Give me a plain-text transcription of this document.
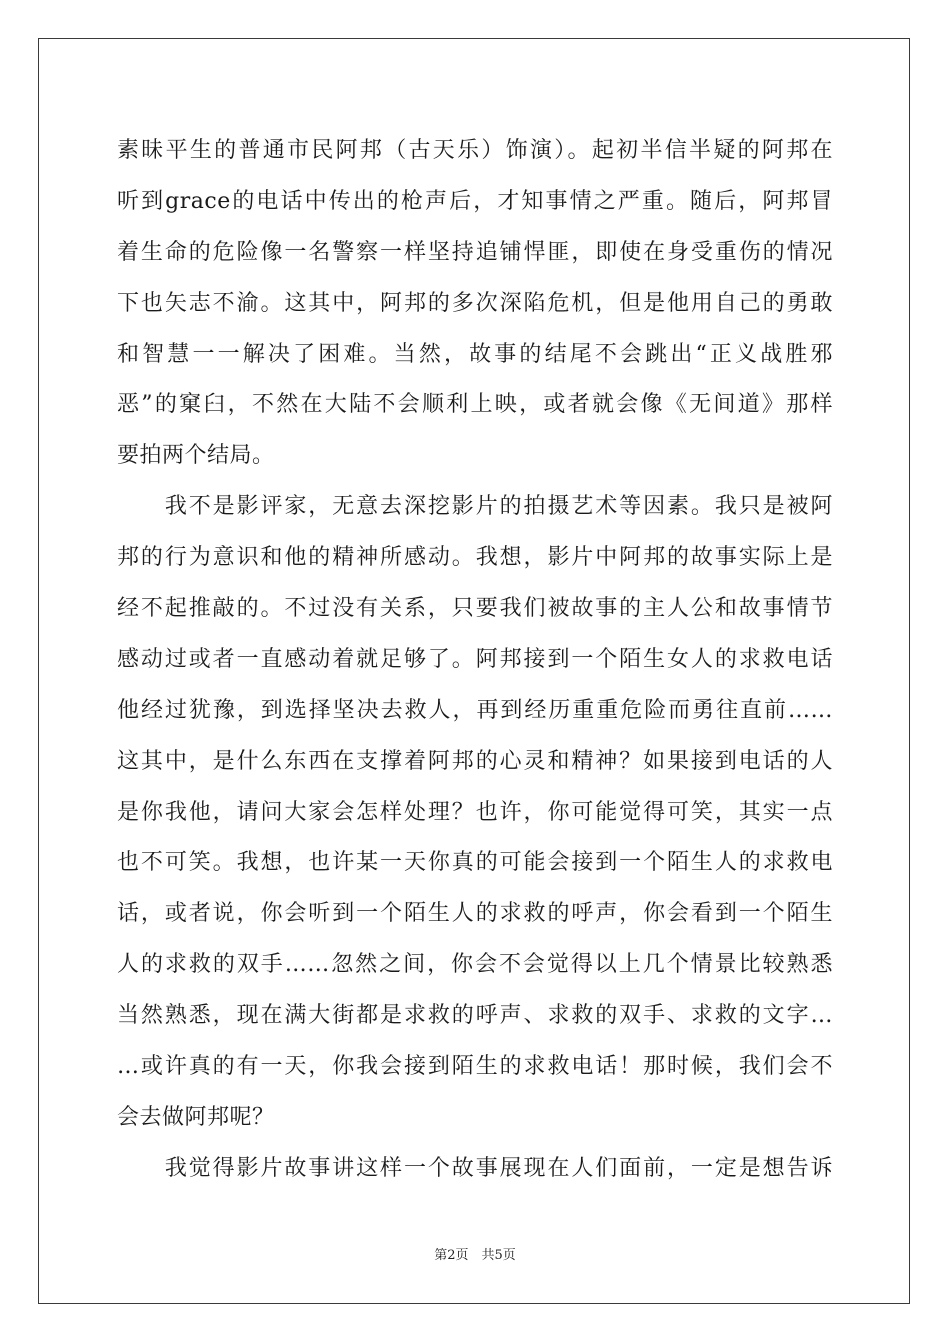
素昧平生的普通市民阿邦（古天乐）饰演）。起初半信半疑的阿邦在
听到grace的电话中传出的枪声后，才知事情之严重。随后，阿邦冒
着生命的危险像一名警察一样坚持追铺悍匪，即使在身受重伤的情况
下也矢志不渝。这其中，阿邦的多次深陷危机，但是他用自己的勇敢
和智慧一一解决了困难。当然，故事的结尾不会跳出“正义战胜邪
恶”的窠臼，不然在大陆不会顺利上映，或者就会像《无间道》那样
要拍两个结局。
　　我不是影评家，无意去深挖影片的拍摄艺术等因素。我只是被阿
邦的行为意识和他的精神所感动。我想，影片中阿邦的故事实际上是
经不起推敲的。不过没有关系，只要我们被故事的主人公和故事情节
感动过或者一直感动着就足够了。阿邦接到一个陌生女人的求救电话
他经过犹豫，到选择坚决去救人，再到经历重重危险而勇往直前……
这其中，是什么东西在支撑着阿邦的心灵和精神？如果接到电话的人
是你我他，请问大家会怎样处理？也许，你可能觉得可笑，其实一点
也不可笑。我想，也许某一天你真的可能会接到一个陌生人的求救电
话，或者说，你会听到一个陌生人的求救的呼声，你会看到一个陌生
人的求救的双手……忽然之间，你会不会觉得以上几个情景比较熟悉
当然熟悉，现在满大街都是求救的呼声、求救的双手、求救的文字…
…或许真的有一天，你我会接到陌生的求救电话！那时候，我们会不
会去做阿邦呢？
　　我觉得影片故事讲这样一个故事展现在人们面前，一定是想告诉
第2页　共5页
